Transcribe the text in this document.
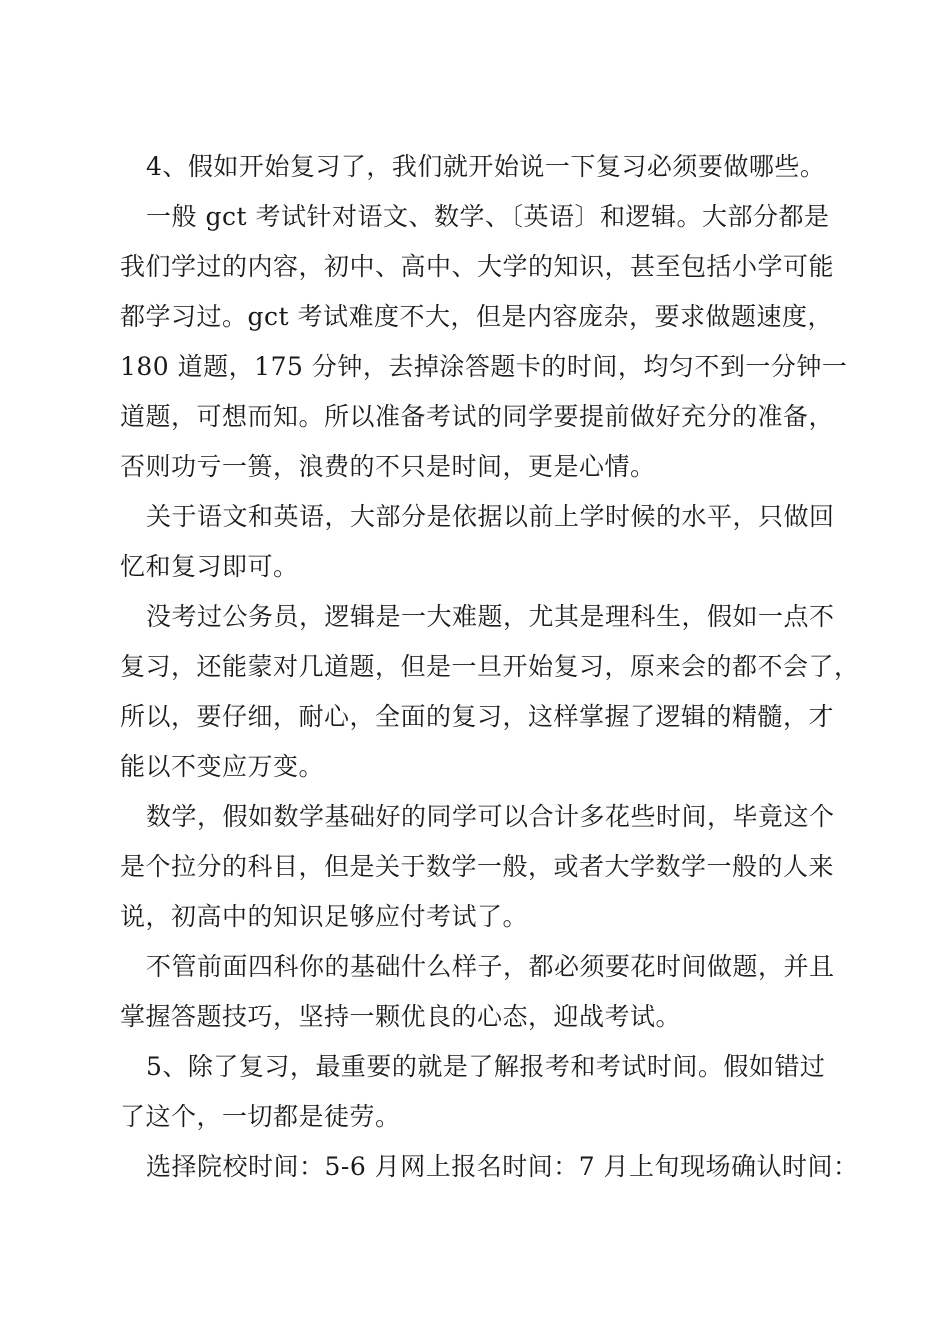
4、假如开始复习了，我们就开始说一下复习必须要做哪些。
一般 gct 考试针对语文、数学、〔英语〕和逻辑。大部分都是
我们学过的内容，初中、高中、大学的知识，甚至包括小学可能
都学习过。gct 考试难度不大，但是内容庞杂，要求做题速度，
180 道题，175 分钟，去掉涂答题卡的时间，均匀不到一分钟一
道题，可想而知。所以准备考试的同学要提前做好充分的准备，
否则功亏一篑，浪费的不只是时间，更是心情。
关于语文和英语，大部分是依据以前上学时候的水平，只做回
忆和复习即可。
没考过公务员，逻辑是一大难题，尤其是理科生，假如一点不
复习，还能蒙对几道题，但是一旦开始复习，原来会的都不会了，
所以，要仔细，耐心，全面的复习，这样掌握了逻辑的精髓，才
能以不变应万变。
数学，假如数学基础好的同学可以合计多花些时间，毕竟这个
是个拉分的科目，但是关于数学一般，或者大学数学一般的人来
说，初高中的知识足够应付考试了。
不管前面四科你的基础什么样子，都必须要花时间做题，并且
掌握答题技巧，坚持一颗优良的心态，迎战考试。
5、除了复习，最重要的就是了解报考和考试时间。假如错过
了这个，一切都是徒劳。
选择院校时间：5-6 月网上报名时间：7 月上旬现场确认时间：
